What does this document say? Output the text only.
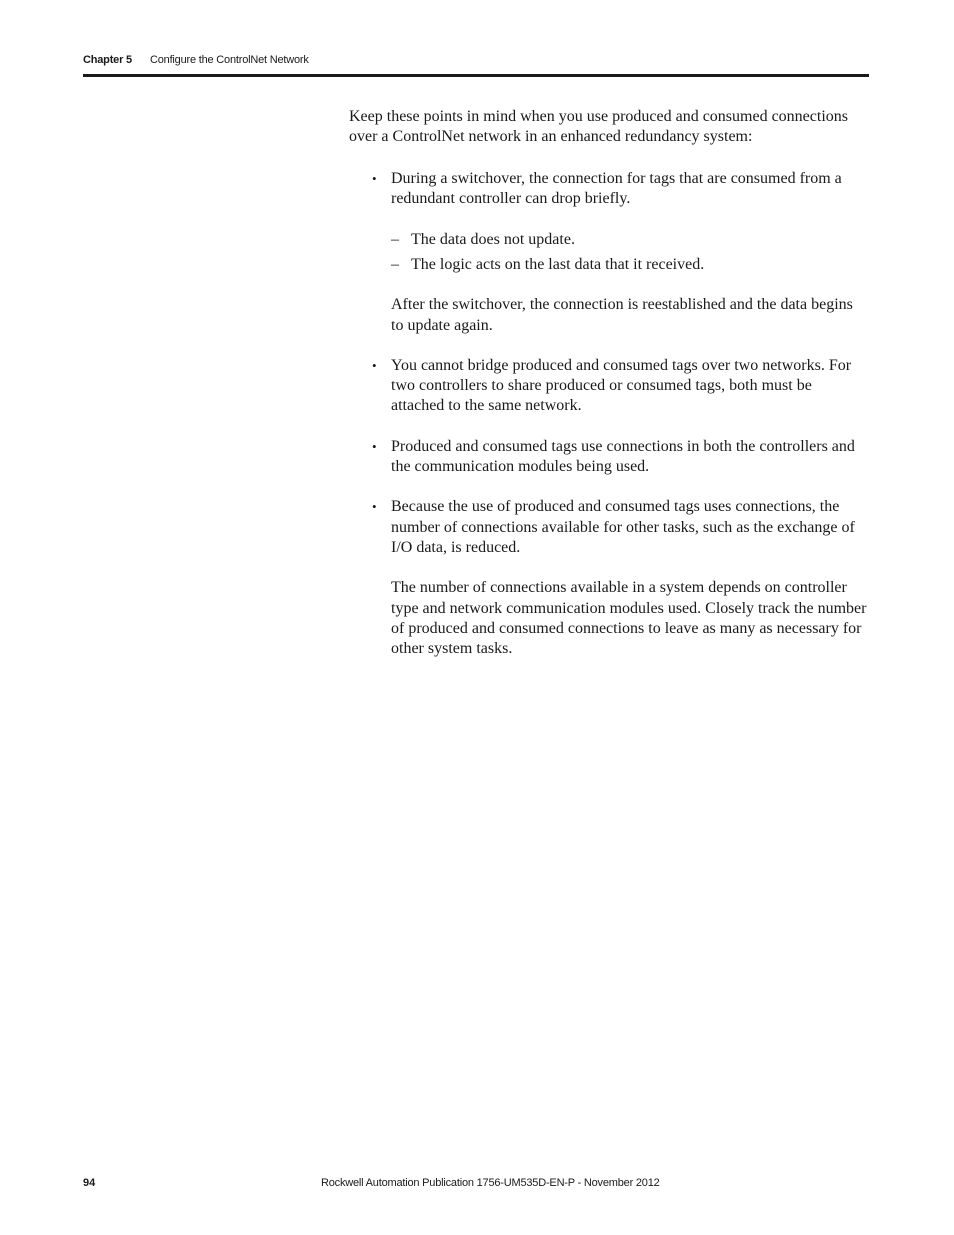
Chapter 5 Configure the ControlNet Network

Keep these points in mind when you use produced and consumed connections over a ControlNet network in an enhanced redundancy system:

• During a switchover, the connection for tags that are consumed from a redundant controller can drop briefly.

– The data does not update.
– The logic acts on the last data that it received.

After the switchover, the connection is reestablished and the data begins to update again.

• You cannot bridge produced and consumed tags over two networks. For two controllers to share produced or consumed tags, both must be attached to the same network.

• Produced and consumed tags use connections in both the controllers and the communication modules being used.

• Because the use of produced and consumed tags uses connections, the number of connections available for other tasks, such as the exchange of I/O data, is reduced.

The number of connections available in a system depends on controller type and network communication modules used. Closely track the number of produced and consumed connections to leave as many as necessary for other system tasks.

94	Rockwell Automation Publication 1756-UM535D-EN-P - November 2012
